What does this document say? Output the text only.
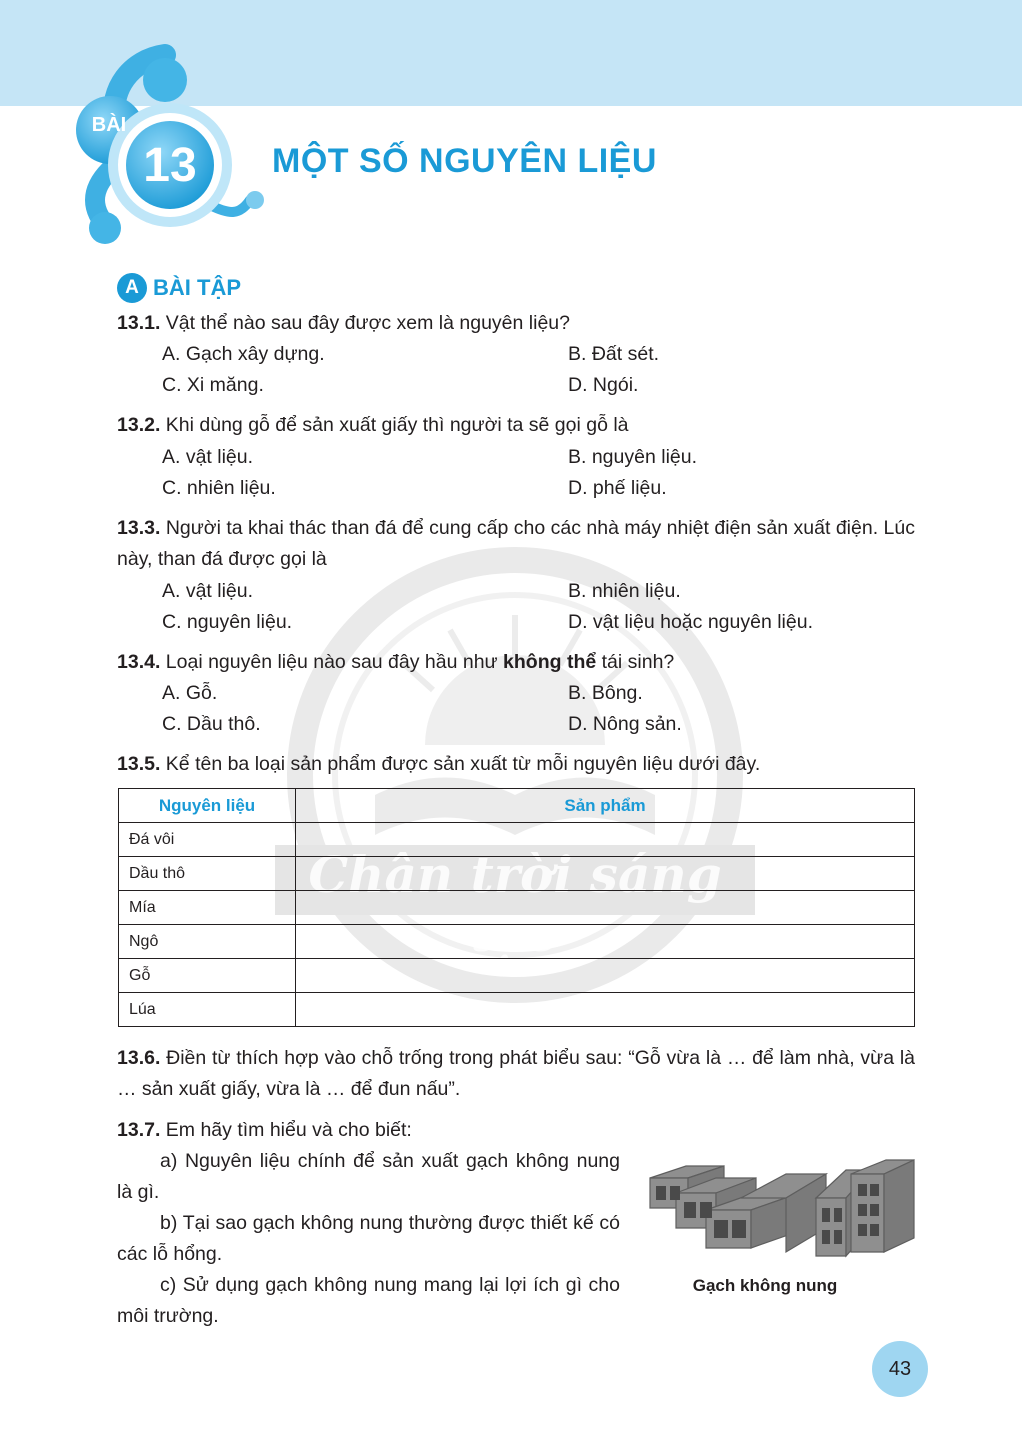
BÀI
13	MỘT SỐ NGUYÊN LIỆU
Chân trời sáng tạo
A BÀI TẬP
13.1. Vật thể nào sau đây được xem là nguyên liệu?
A. Gạch xây dựng.	B. Đất sét.
C. Xi măng.	D. Ngói.
13.2. Khi dùng gỗ để sản xuất giấy thì người ta sẽ gọi gỗ là
A. vật liệu.	B. nguyên liệu.
C. nhiên liệu.	D. phế liệu.
13.3. Người ta khai thác than đá để cung cấp cho các nhà máy nhiệt điện sản xuất điện. Lúc này, than đá được gọi là
A. vật liệu.	B. nhiên liệu.
C. nguyên liệu.	D. vật liệu hoặc nguyên liệu.
13.4. Loại nguyên liệu nào sau đây hầu như không thể tái sinh?
A. Gỗ.	B. Bông.
C. Dầu thô.	D. Nông sản.
13.5. Kể tên ba loại sản phẩm được sản xuất từ mỗi nguyên liệu dưới đây.
Nguyên liệu	Sản phẩm
Đá vôi	
Dầu thô	
Mía	
Ngô	
Gỗ	
Lúa	
13.6. Điền từ thích hợp vào chỗ trống trong phát biểu sau: “Gỗ vừa là … để làm nhà, vừa là … sản xuất giấy, vừa là … để đun nấu”.
13.7. Em hãy tìm hiểu và cho biết:
a) Nguyên liệu chính để sản xuất gạch không nung là gì.
b) Tại sao gạch không nung thường được thiết kế có các lỗ hổng.
c) Sử dụng gạch không nung mang lại lợi ích gì cho môi trường.
Gạch không nung
43
